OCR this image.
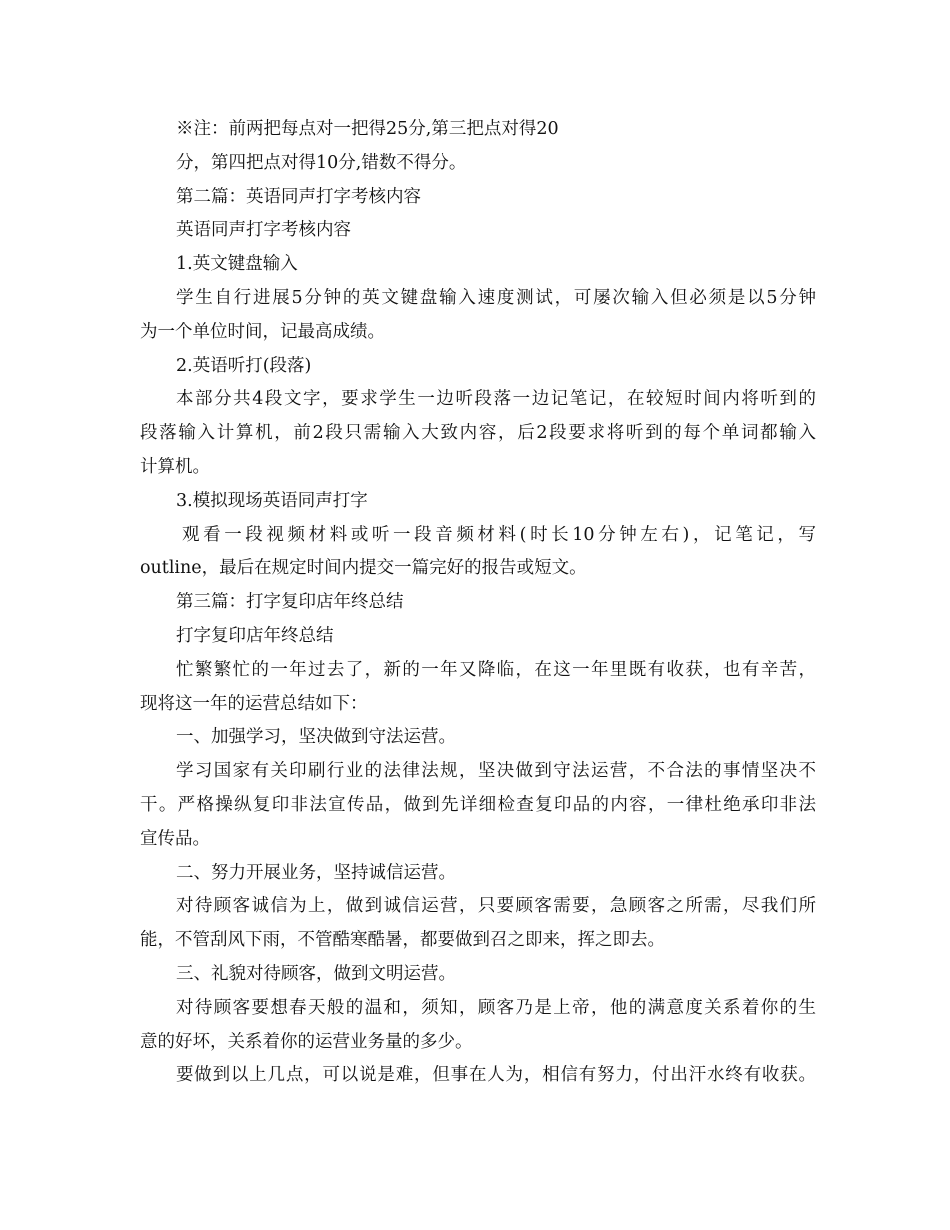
※注：前两把每点对一把得25分,第三把点对得20

分，第四把点对得10分,错数不得分。

第二篇：英语同声打字考核内容

英语同声打字考核内容

1.英文键盘输入

学生自行进展5分钟的英文键盘输入速度测试，可屡次输入但必须是以5分钟

为一个单位时间，记最高成绩。

2.英语听打(段落)

本部分共4段文字，要求学生一边听段落一边记笔记，在较短时间内将听到的

段落输入计算机，前2段只需输入大致内容，后2段要求将听到的每个单词都输入

计算机。

3.模拟现场英语同声打字

观看一段视频材料或听一段音频材料(时长10分钟左右)，记笔记，写

outline，最后在规定时间内提交一篇完好的报告或短文。

第三篇：打字复印店年终总结

打字复印店年终总结

忙繁繁忙的一年过去了，新的一年又降临，在这一年里既有收获，也有辛苦，

现将这一年的运营总结如下：

一、加强学习，坚决做到守法运营。

学习国家有关印刷行业的法律法规，坚决做到守法运营，不合法的事情坚决不

干。严格操纵复印非法宣传品，做到先详细检查复印品的内容，一律杜绝承印非法

宣传品。

二、努力开展业务，坚持诚信运营。

对待顾客诚信为上，做到诚信运营，只要顾客需要，急顾客之所需，尽我们所

能，不管刮风下雨，不管酷寒酷暑，都要做到召之即来，挥之即去。

三、礼貌对待顾客，做到文明运营。

对待顾客要想春天般的温和，须知，顾客乃是上帝，他的满意度关系着你的生

意的好坏，关系着你的运营业务量的多少。

要做到以上几点，可以说是难，但事在人为，相信有努力，付出汗水终有收获。
